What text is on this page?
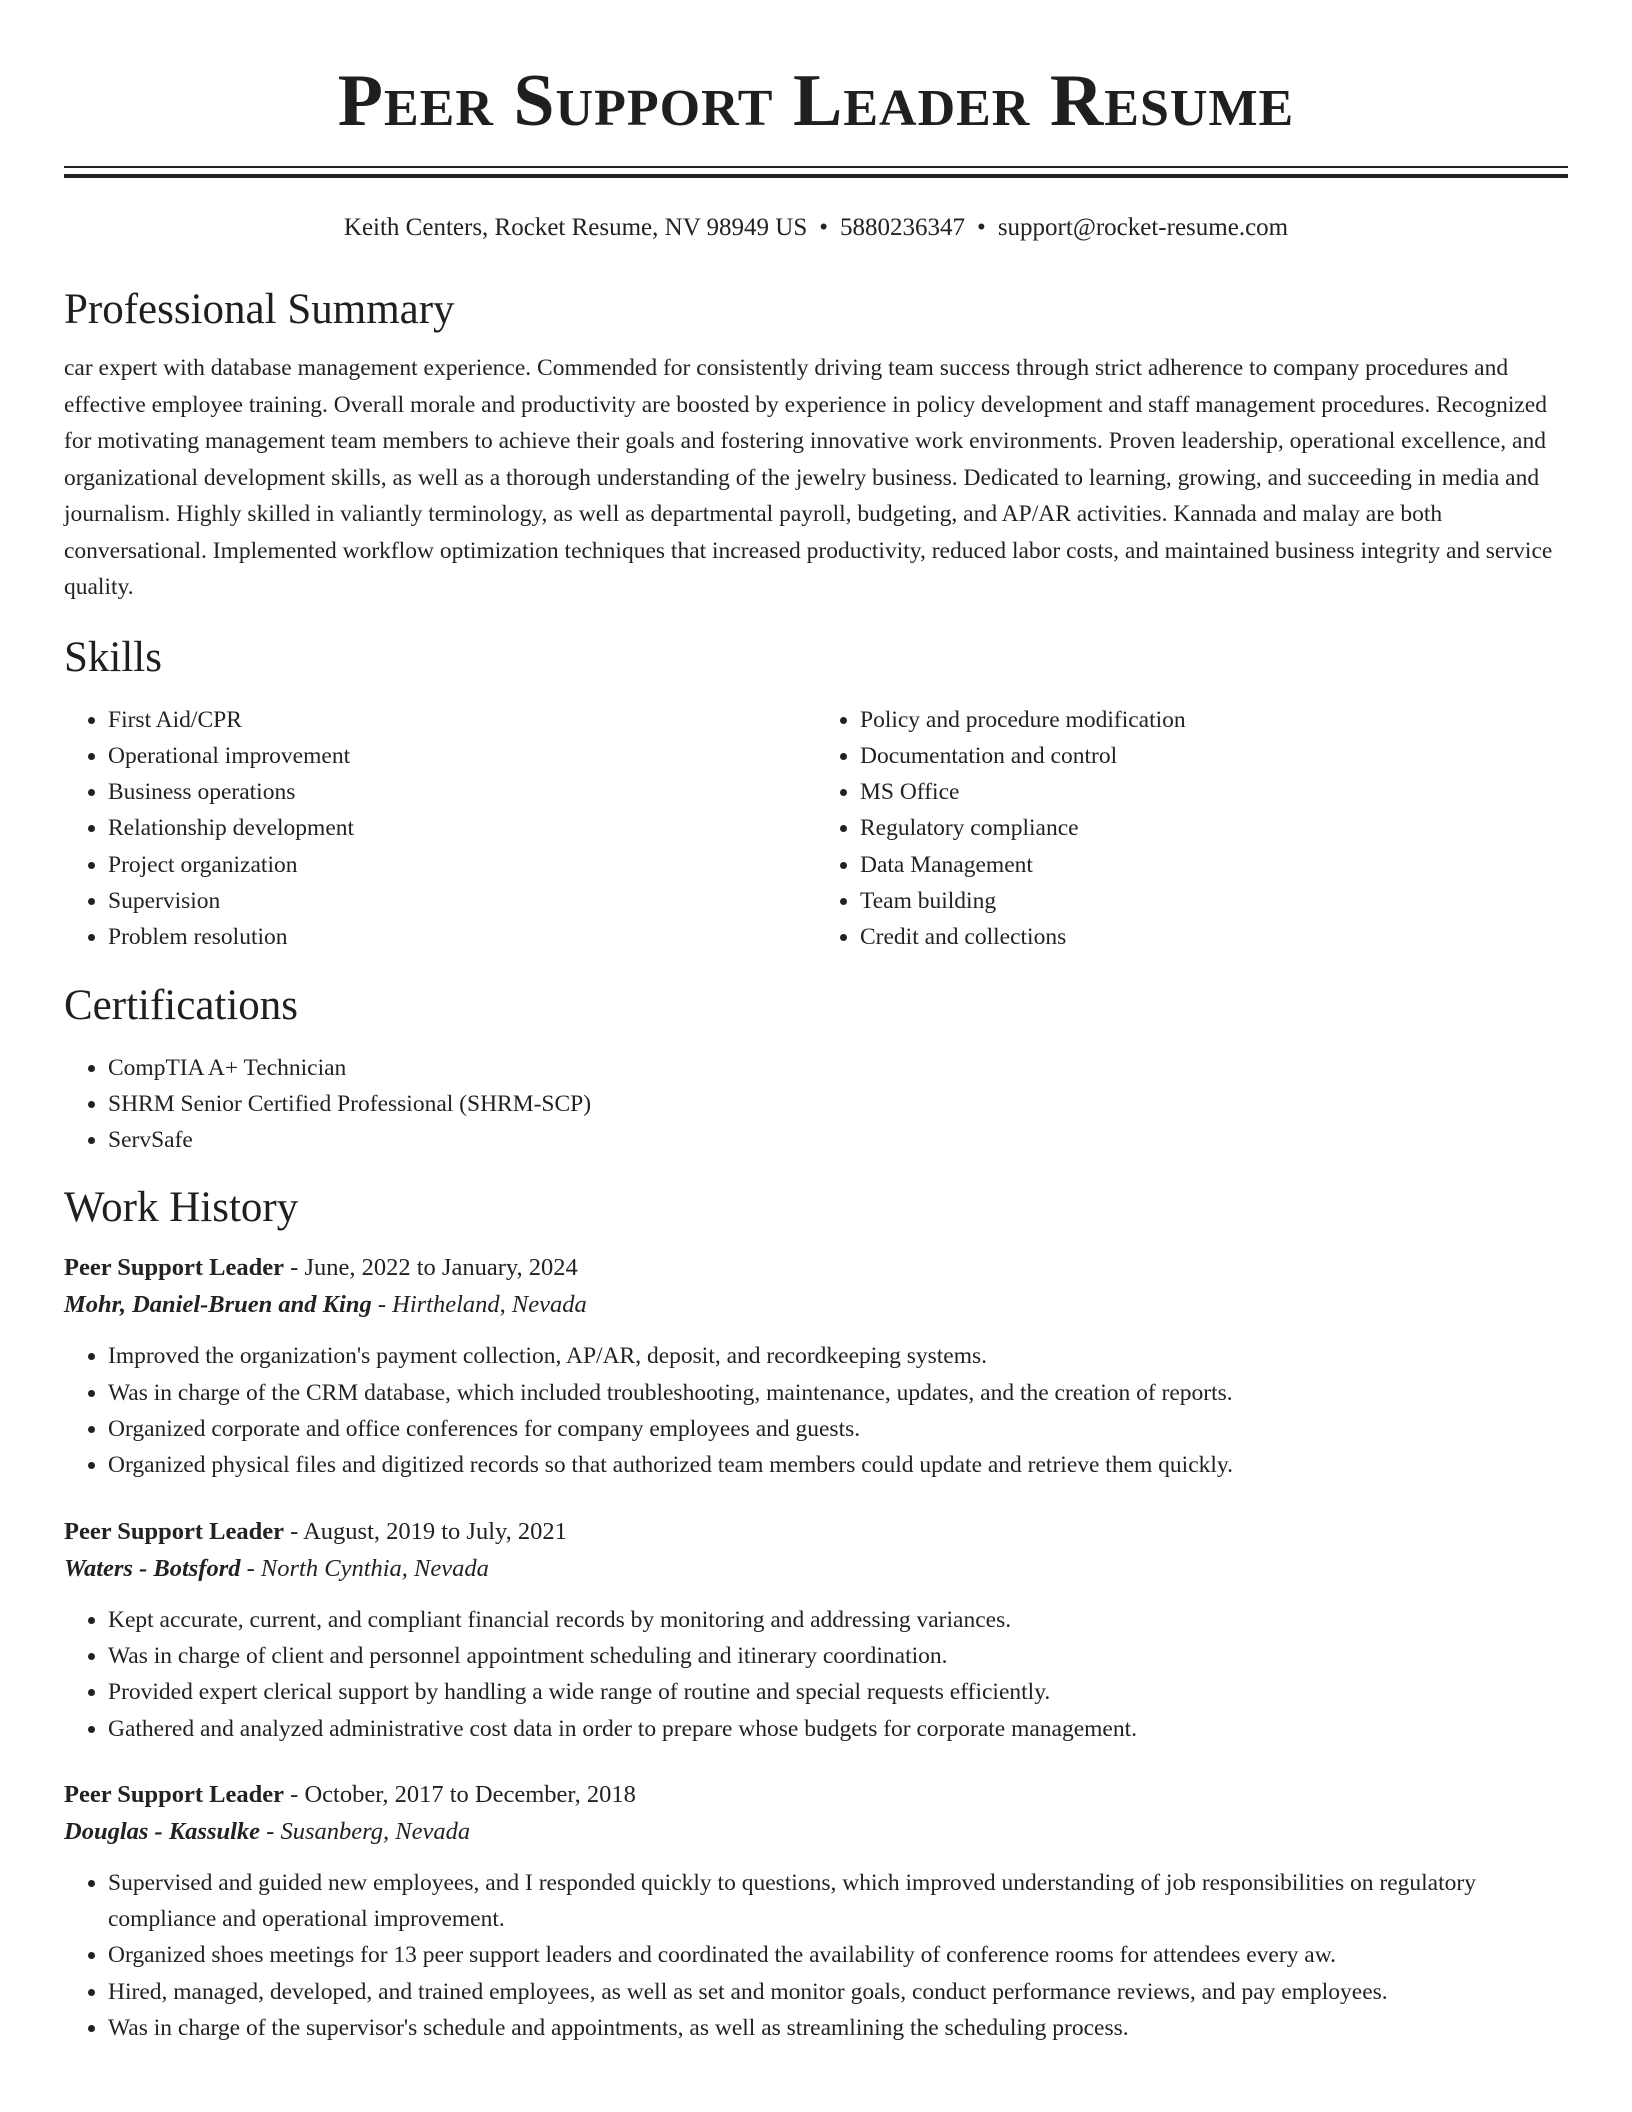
Peer Support Leader Resume
Keith Centers, Rocket Resume, NV 98949 US • 5880236347 • support@rocket-resume.com
Professional Summary
car expert with database management experience. Commended for consistently driving team success through strict adherence to company procedures and effective employee training. Overall morale and productivity are boosted by experience in policy development and staff management procedures. Recognized for motivating management team members to achieve their goals and fostering innovative work environments. Proven leadership, operational excellence, and organizational development skills, as well as a thorough understanding of the jewelry business. Dedicated to learning, growing, and succeeding in media and journalism. Highly skilled in valiantly terminology, as well as departmental payroll, budgeting, and AP/AR activities. Kannada and malay are both conversational. Implemented workflow optimization techniques that increased productivity, reduced labor costs, and maintained business integrity and service quality.
Skills
• First Aid/CPR
• Operational improvement
• Business operations
• Relationship development
• Project organization
• Supervision
• Problem resolution
• Policy and procedure modification
• Documentation and control
• MS Office
• Regulatory compliance
• Data Management
• Team building
• Credit and collections
Certifications
• CompTIA A+ Technician
• SHRM Senior Certified Professional (SHRM-SCP)
• ServSafe
Work History
Peer Support Leader - June, 2022 to January, 2024
Mohr, Daniel-Bruen and King - Hirtheland, Nevada
• Improved the organization's payment collection, AP/AR, deposit, and recordkeeping systems.
• Was in charge of the CRM database, which included troubleshooting, maintenance, updates, and the creation of reports.
• Organized corporate and office conferences for company employees and guests.
• Organized physical files and digitized records so that authorized team members could update and retrieve them quickly.
Peer Support Leader - August, 2019 to July, 2021
Waters - Botsford - North Cynthia, Nevada
• Kept accurate, current, and compliant financial records by monitoring and addressing variances.
• Was in charge of client and personnel appointment scheduling and itinerary coordination.
• Provided expert clerical support by handling a wide range of routine and special requests efficiently.
• Gathered and analyzed administrative cost data in order to prepare whose budgets for corporate management.
Peer Support Leader - October, 2017 to December, 2018
Douglas - Kassulke - Susanberg, Nevada
• Supervised and guided new employees, and I responded quickly to questions, which improved understanding of job responsibilities on regulatory compliance and operational improvement.
• Organized shoes meetings for 13 peer support leaders and coordinated the availability of conference rooms for attendees every aw.
• Hired, managed, developed, and trained employees, as well as set and monitor goals, conduct performance reviews, and pay employees.
• Was in charge of the supervisor's schedule and appointments, as well as streamlining the scheduling process.
